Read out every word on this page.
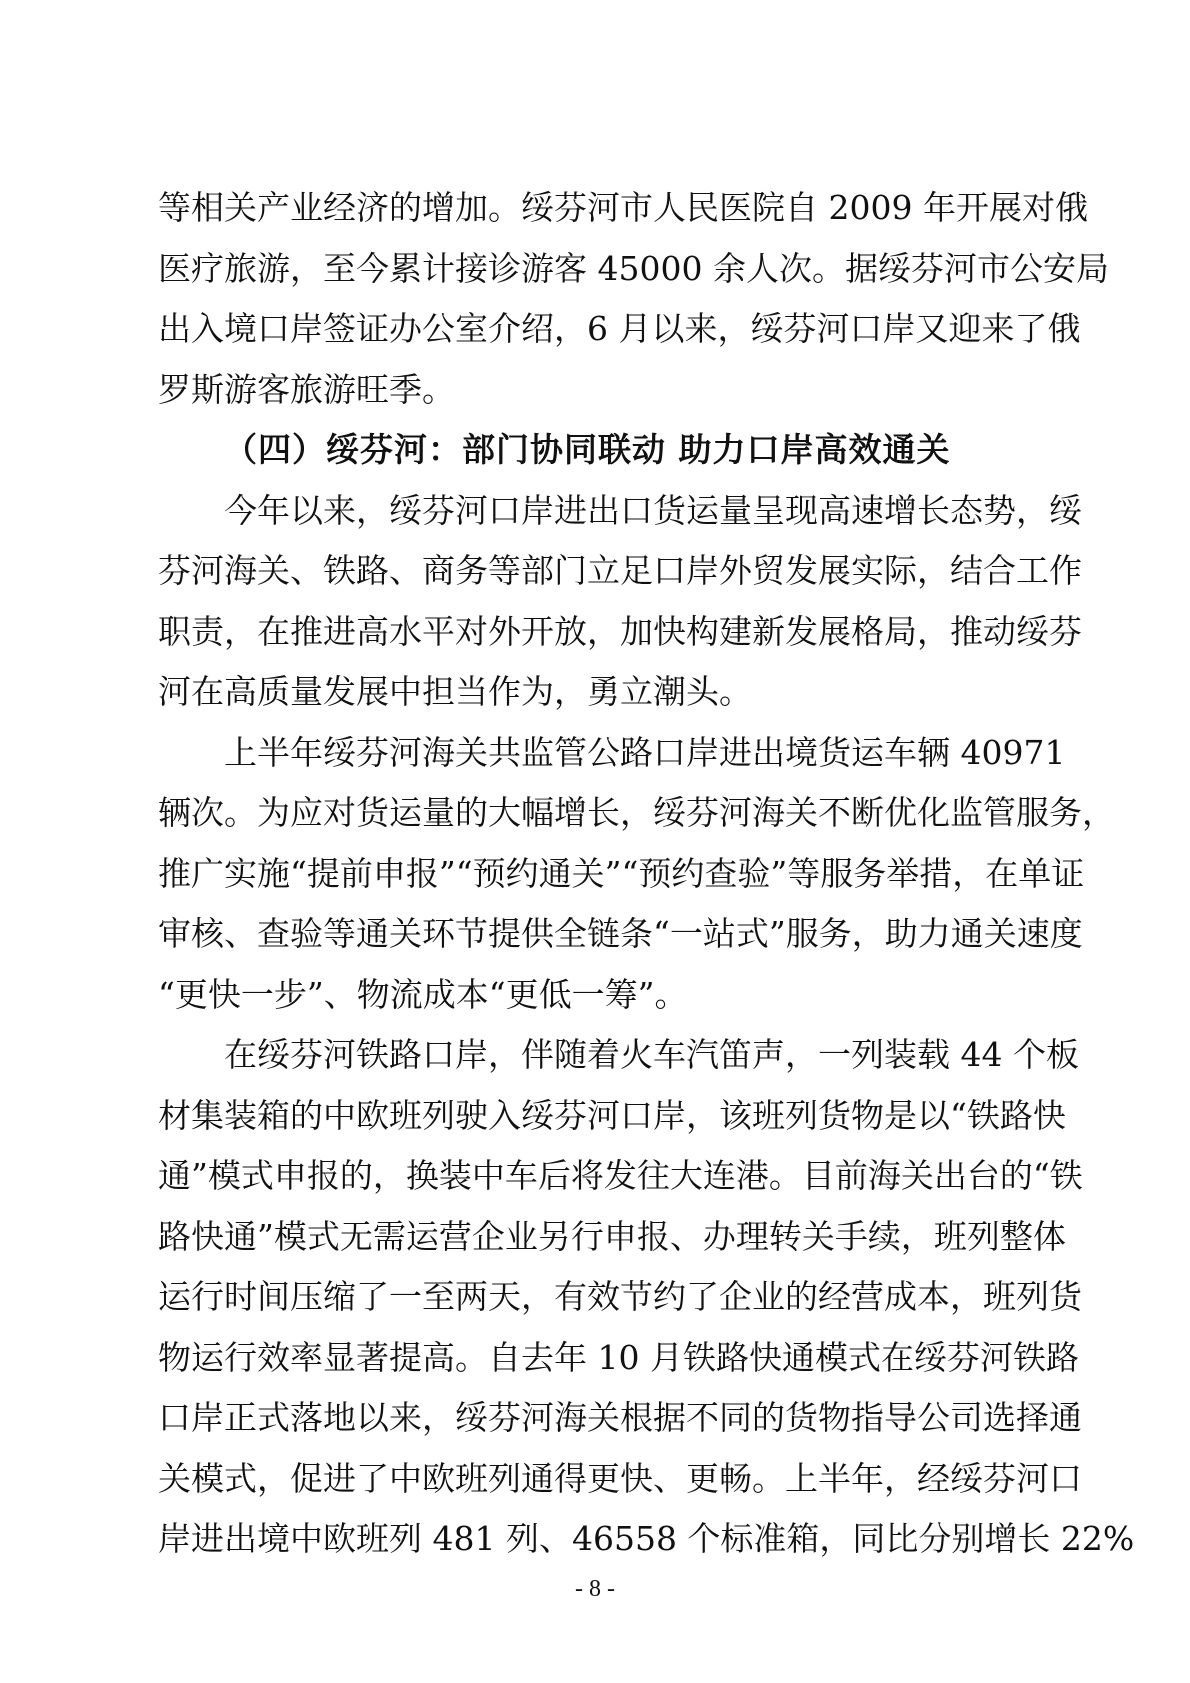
等相关产业经济的增加。绥芬河市人民医院自 2009 年开展对俄
医疗旅游，至今累计接诊游客 45000 余人次。据绥芬河市公安局
出入境口岸签证办公室介绍，6 月以来，绥芬河口岸又迎来了俄
罗斯游客旅游旺季。
（四）绥芬河：部门协同联动 助力口岸高效通关
今年以来，绥芬河口岸进出口货运量呈现高速增长态势，绥
芬河海关、铁路、商务等部门立足口岸外贸发展实际，结合工作
职责，在推进高水平对外开放，加快构建新发展格局，推动绥芬
河在高质量发展中担当作为，勇立潮头。
上半年绥芬河海关共监管公路口岸进出境货运车辆 40971
辆次。为应对货运量的大幅增长，绥芬河海关不断优化监管服务，
推广实施“提前申报”“预约通关”“预约查验”等服务举措，在单证
审核、查验等通关环节提供全链条“一站式”服务，助力通关速度
“更快一步”、物流成本“更低一筹”。
在绥芬河铁路口岸，伴随着火车汽笛声，一列装载 44 个板
材集装箱的中欧班列驶入绥芬河口岸，该班列货物是以“铁路快
通”模式申报的，换装中车后将发往大连港。目前海关出台的“铁
路快通”模式无需运营企业另行申报、办理转关手续，班列整体
运行时间压缩了一至两天，有效节约了企业的经营成本，班列货
物运行效率显著提高。自去年 10 月铁路快通模式在绥芬河铁路
口岸正式落地以来，绥芬河海关根据不同的货物指导公司选择通
关模式，促进了中欧班列通得更快、更畅。上半年，经绥芬河口
岸进出境中欧班列 481 列、46558 个标准箱，同比分别增长 22%
- 8 -
